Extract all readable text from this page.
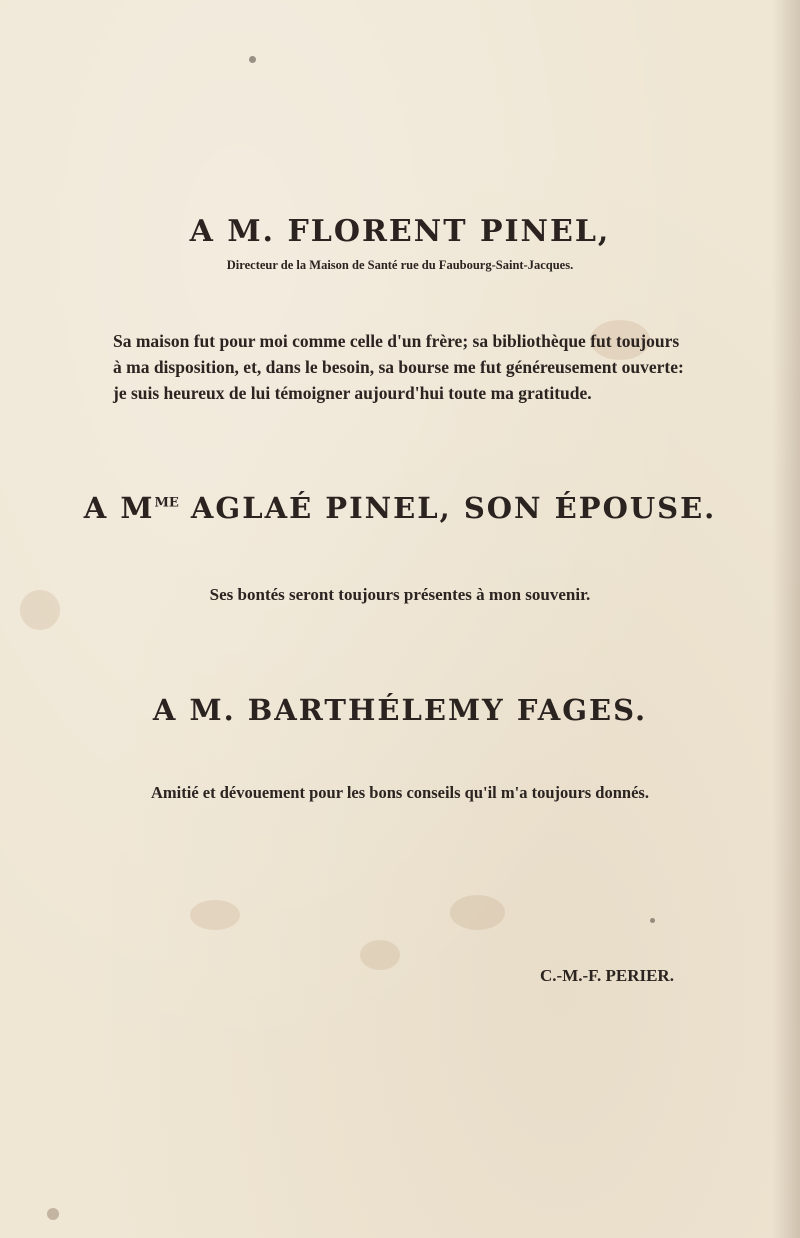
A M. FLORENT PINEL,
Directeur de la Maison de Santé rue du Faubourg-Saint-Jacques.
Sa maison fut pour moi comme celle d'un frère; sa bibliothèque fut toujours
à ma disposition, et, dans le besoin, sa bourse me fut généreusement ouverte:
je suis heureux de lui témoigner aujourd'hui toute ma gratitude.
A $M^{ME}$ AGLAÉ PINEL, SON ÉPOUSE.
Ses bontés seront toujours présentes à mon souvenir.
A M. BARTHÉLEMY FAGES.
Amitié et dévouement pour les bons conseils qu'il m'a toujours donnés.
C.-M.-F. PERIER.
